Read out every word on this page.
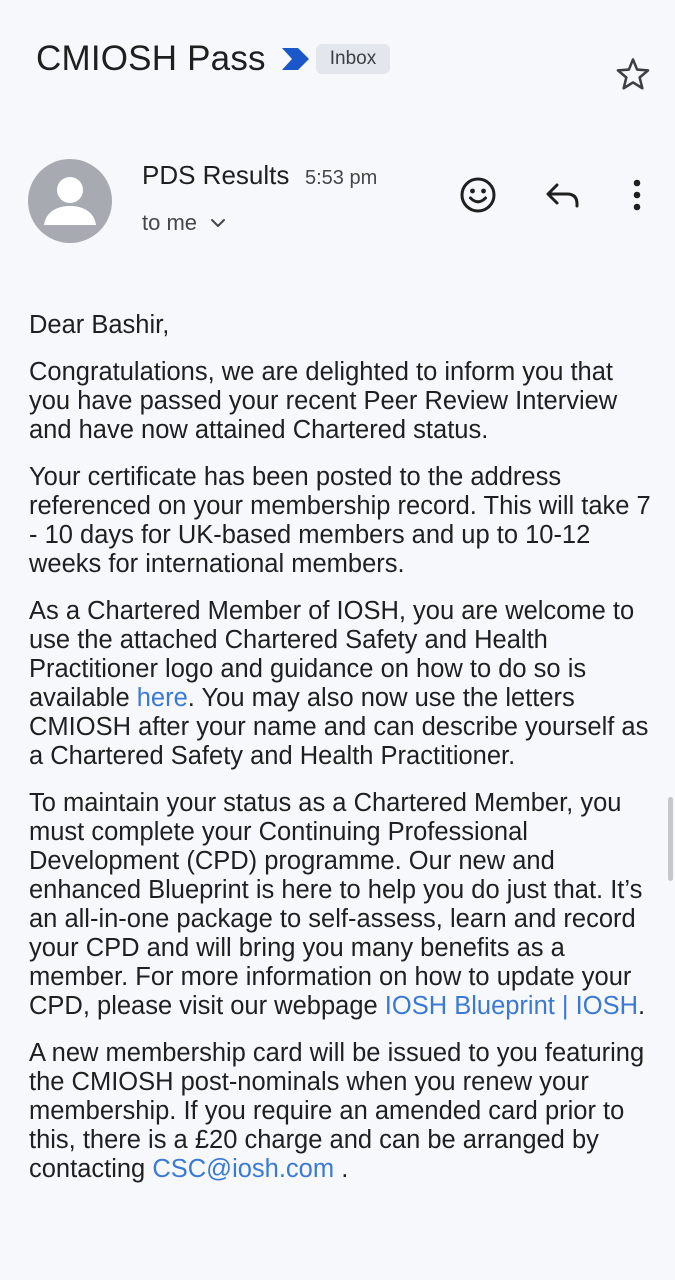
CMIOSH Pass	Inbox
PDS Results 5:53 pm
to me

Dear Bashir,

Congratulations, we are delighted to inform you that you have passed your recent Peer Review Interview and have now attained Chartered status.

Your certificate has been posted to the address referenced on your membership record. This will take 7 - 10 days for UK-based members and up to 10-12 weeks for international members.

As a Chartered Member of IOSH, you are welcome to use the attached Chartered Safety and Health Practitioner logo and guidance on how to do so is available here. You may also now use the letters CMIOSH after your name and can describe yourself as a Chartered Safety and Health Practitioner.

To maintain your status as a Chartered Member, you must complete your Continuing Professional Development (CPD) programme. Our new and enhanced Blueprint is here to help you do just that. It’s an all-in-one package to self-assess, learn and record your CPD and will bring you many benefits as a member. For more information on how to update your CPD, please visit our webpage IOSH Blueprint | IOSH.

A new membership card will be issued to you featuring the CMIOSH post-nominals when you renew your membership. If you require an amended card prior to this, there is a £20 charge and can be arranged by contacting CSC@iosh.com .
